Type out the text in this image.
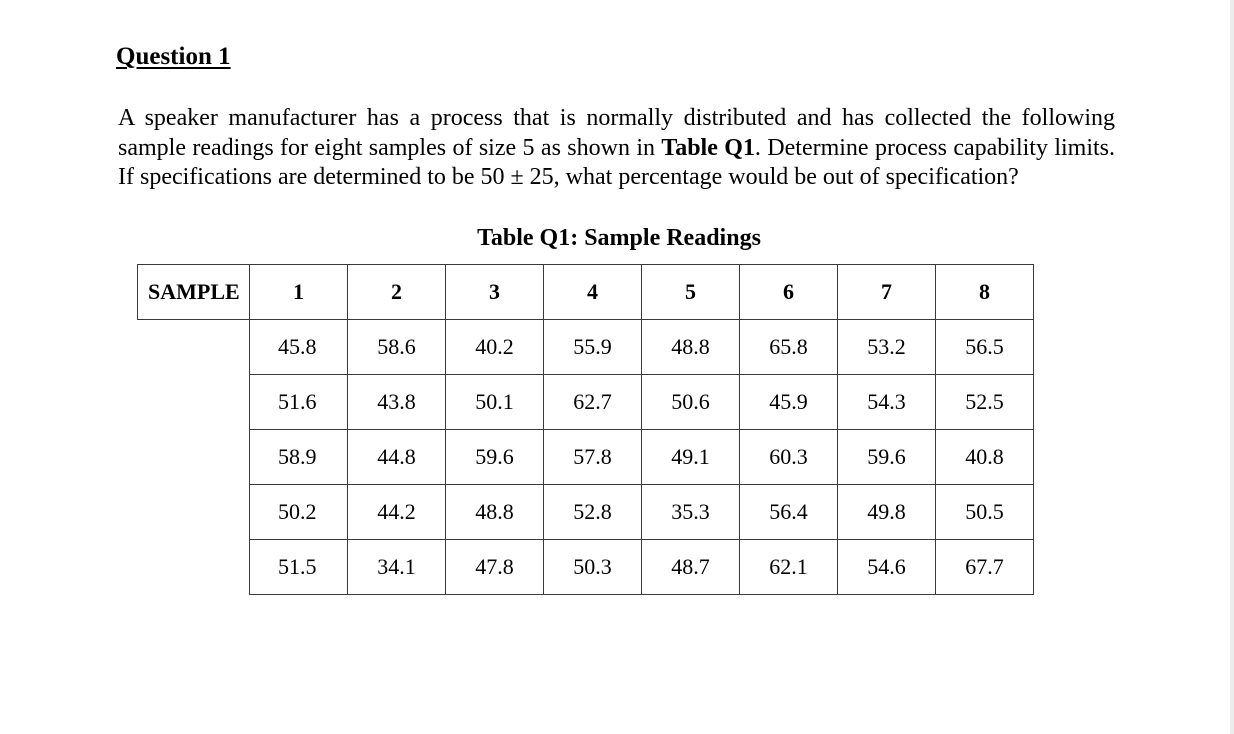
Question 1
A speaker manufacturer has a process that is normally distributed and has collected the following sample readings for eight samples of size 5 as shown in Table Q1. Determine process capability limits. If specifications are determined to be 50 ± 25, what percentage would be out of specification?
Table Q1: Sample Readings
SAMPLE	1	2	3	4	5	6	7	8
	45.8	58.6	40.2	55.9	48.8	65.8	53.2	56.5
	51.6	43.8	50.1	62.7	50.6	45.9	54.3	52.5
	58.9	44.8	59.6	57.8	49.1	60.3	59.6	40.8
	50.2	44.2	48.8	52.8	35.3	56.4	49.8	50.5
	51.5	34.1	47.8	50.3	48.7	62.1	54.6	67.7
